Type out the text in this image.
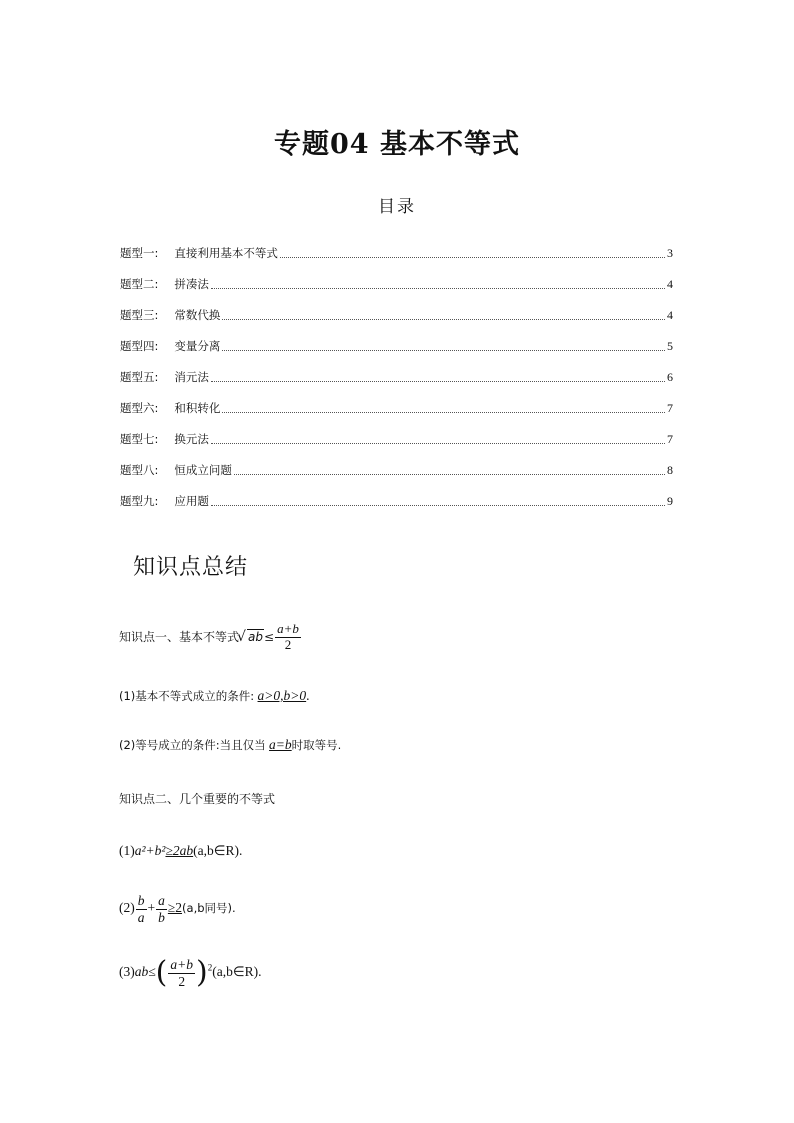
专题04 基本不等式
目录
题型一: 直接利用基本不等式	3
题型二: 拼凑法	4
题型三: 常数代换	4
题型四: 变量分离	5
题型五: 消元法	6
题型六: 和积转化	7
题型七: 换元法	7
题型八: 恒成立问题	8
题型九: 应用题	9
知识点总结
知识点一、基本不等式 √ $ab\le \frac{a+b}{2}$
(1)基本不等式成立的条件: a>0,b>0.
(2)等号成立的条件:当且仅当 a=b时取等号.
知识点二、几个重要的不等式
(1)a²+b²≥2ab(a,b∈R).
$(2) \frac{b}{a} + \frac{a}{b} \ge 2(a,b$同号).
$(3)ab\le( \frac{a+b}{2}$ )$^2(a,b\in R)$.
